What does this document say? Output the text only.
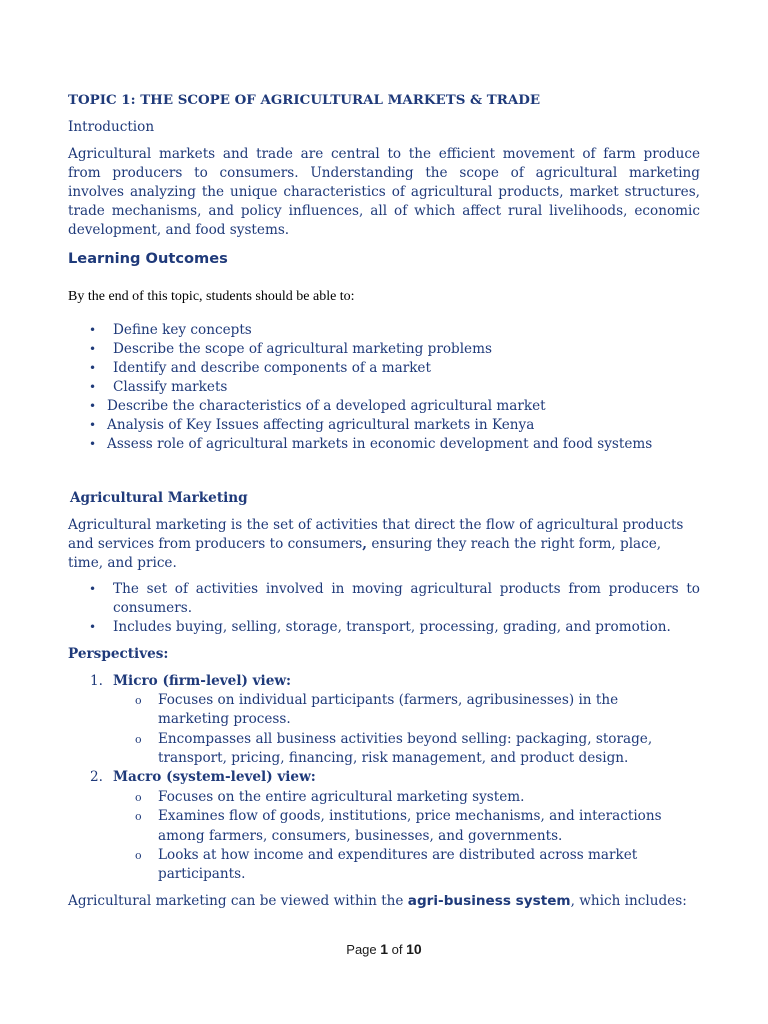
TOPIC 1: THE SCOPE OF AGRICULTURAL MARKETS & TRADE
Introduction
Agricultural markets and trade are central to the efficient movement of farm produce
from producers to consumers. Understanding the scope of agricultural marketing
involves analyzing the unique characteristics of agricultural products, market structures,
trade mechanisms, and policy influences, all of which affect rural livelihoods, economic
development, and food systems.
Learning Outcomes
By the end of this topic, students should be able to:
• Define key concepts
• Describe the scope of agricultural marketing problems
• Identify and describe components of a market
• Classify markets
• Describe the characteristics of a developed agricultural market
• Analysis of Key Issues affecting agricultural markets in Kenya
• Assess role of agricultural markets in economic development and food systems
Agricultural Marketing
Agricultural marketing is the set of activities that direct the flow of agricultural products
and services from producers to consumers, ensuring they reach the right form, place,
time, and price.
• The set of activities involved in moving agricultural products from producers to
consumers.
• Includes buying, selling, storage, transport, processing, grading, and promotion.
Perspectives:
1. Micro (firm-level) view:
o Focuses on individual participants (farmers, agribusinesses) in the
marketing process.
o Encompasses all business activities beyond selling: packaging, storage,
transport, pricing, financing, risk management, and product design.
2. Macro (system-level) view:
o Focuses on the entire agricultural marketing system.
o Examines flow of goods, institutions, price mechanisms, and interactions
among farmers, consumers, businesses, and governments.
o Looks at how income and expenditures are distributed across market
participants.
Agricultural marketing can be viewed within the agri-business system, which includes:
Page 1 of 10
